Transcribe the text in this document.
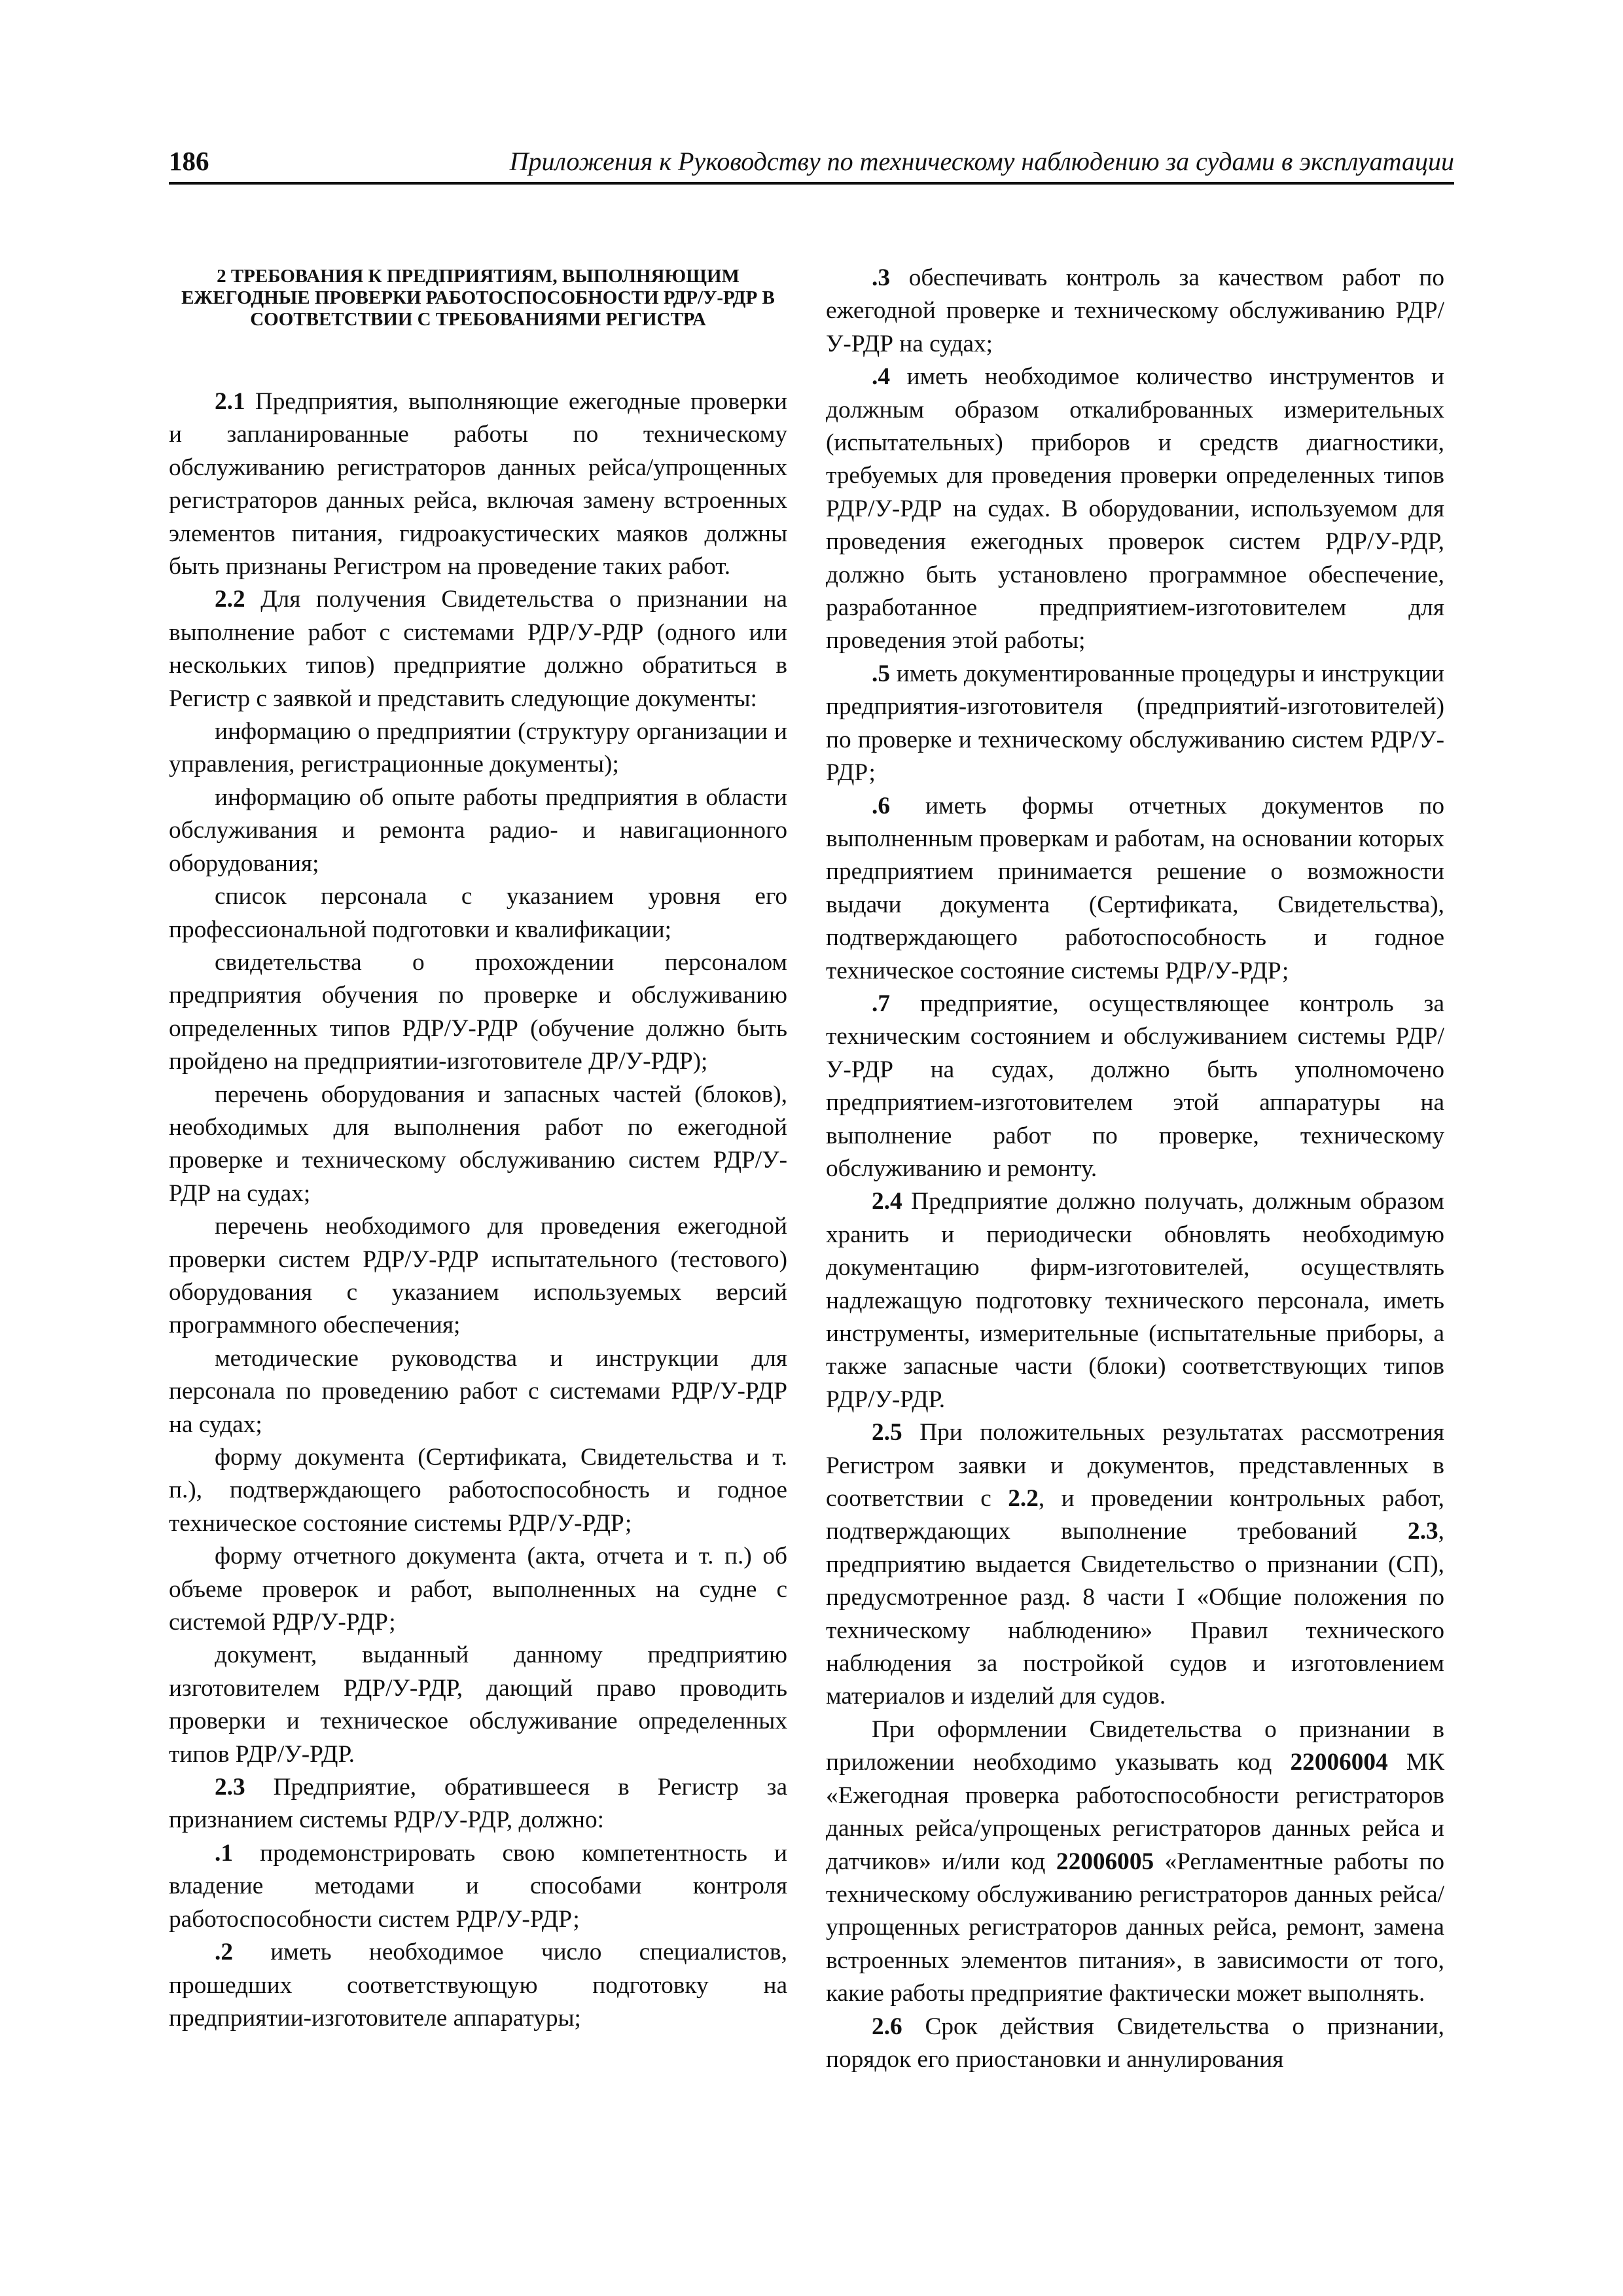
186	Приложения к Руководству по техническому наблюдению за судами в эксплуатации
2 ТРЕБОВАНИЯ К ПРЕДПРИЯТИЯМ, ВЫПОЛНЯЮЩИМ ЕЖЕГОДНЫЕ ПРОВЕРКИ РАБОТОСПОСОБНОСТИ РДР/У-РДР В СООТВЕТСТВИИ С ТРЕБОВАНИЯМИ РЕГИСТРА

2.1 Предприятия, выполняющие ежегодные проверки и запланированные работы по техническому обслуживанию регистраторов данных рейса/упрощенных регистраторов данных рейса, включая замену встроенных элементов питания, гидроакустических маяков должны быть признаны Регистром на проведение таких работ.

2.2 Для получения Свидетельства о признании на выполнение работ с системами РДР/У-РДР (одного или нескольких типов) предприятие должно обратиться в Регистр с заявкой и представить следующие документы:

информацию о предприятии (структуру организации и управления, регистрационные документы);

информацию об опыте работы предприятия в области обслуживания и ремонта радио- и навигационного оборудования;

список персонала с указанием уровня его профессиональной подготовки и квалификации;

свидетельства о прохождении персоналом предприятия обучения по проверке и обслуживанию определенных типов РДР/У-РДР (обучение должно быть пройдено на предприятии-изготовителе ДР/У-РДР);

перечень оборудования и запасных частей (блоков), необходимых для выполнения работ по ежегодной проверке и техническому обслуживанию систем РДР/У-РДР на судах;

перечень необходимого для проведения ежегодной проверки систем РДР/У-РДР испытательного (тестового) оборудования с указанием используемых версий программного обеспечения;

методические руководства и инструкции для персонала по проведению работ с системами РДР/У-РДР на судах;

форму документа (Сертификата, Свидетельства и т. п.), подтверждающего работоспособность и годное техническое состояние системы РДР/У-РДР;

форму отчетного документа (акта, отчета и т. п.) об объеме проверок и работ, выполненных на судне с системой РДР/У-РДР;

документ, выданный данному предприятию изготовителем РДР/У-РДР, дающий право проводить проверки и техническое обслуживание определенных типов РДР/У-РДР.

2.3 Предприятие, обратившееся в Регистр за признанием системы РДР/У-РДР, должно:

.1 продемонстрировать свою компетентность и владение методами и способами контроля работоспособности систем РДР/У-РДР;

.2 иметь необходимое число специалистов, прошедших соответствующую подготовку на предприятии-изготовителе аппаратуры;

.3 обеспечивать контроль за качеством работ по ежегодной проверке и техническому обслуживанию РДР/У-РДР на судах;

.4 иметь необходимое количество инструментов и должным образом откалиброванных измерительных (испытательных) приборов и средств диагностики, требуемых для проведения проверки определенных типов РДР/У-РДР на судах. В оборудовании, используемом для проведения ежегодных проверок систем РДР/У-РДР, должно быть установлено программное обеспечение, разработанное предприятием-изготовителем для проведения этой работы;

.5 иметь документированные процедуры и инструкции предприятия-изготовителя (предприятий-изготовителей) по проверке и техническому обслуживанию систем РДР/У-РДР;

.6 иметь формы отчетных документов по выполненным проверкам и работам, на основании которых предприятием принимается решение о возможности выдачи документа (Сертификата, Свидетельства), подтверждающего работоспособность и годное техническое состояние системы РДР/У-РДР;

.7 предприятие, осуществляющее контроль за техническим состоянием и обслуживанием системы РДР/У-РДР на судах, должно быть уполномочено предприятием-изготовителем этой аппаратуры на выполнение работ по проверке, техническому обслуживанию и ремонту.

2.4 Предприятие должно получать, должным образом хранить и периодически обновлять необходимую документацию фирм-изготовителей, осуществлять надлежащую подготовку технического персонала, иметь инструменты, измерительные (испытательные приборы, а также запасные части (блоки) соответствующих типов РДР/У-РДР.

2.5 При положительных результатах рассмотрения Регистром заявки и документов, представленных в соответствии с 2.2, и проведении контрольных работ, подтверждающих выполнение требований 2.3, предприятию выдается Свидетельство о признании (СП), предусмотренное разд. 8 части I «Общие положения по техническому наблюдению» Правил технического наблюдения за постройкой судов и изготовлением материалов и изделий для судов.

При оформлении Свидетельства о признании в приложении необходимо указывать код 22006004 МК «Ежегодная проверка работоспособности регистраторов данных рейса/упрощеных регистраторов данных рейса и датчиков» и/или код 22006005 «Регламентные работы по техническому обслуживанию регистраторов данных рейса/упрощенных регистраторов данных рейса, ремонт, замена встроенных элементов питания», в зависимости от того, какие работы предприятие фактически может выполнять.

2.6 Срок действия Свидетельства о признании, порядок его приостановки и аннулирования
